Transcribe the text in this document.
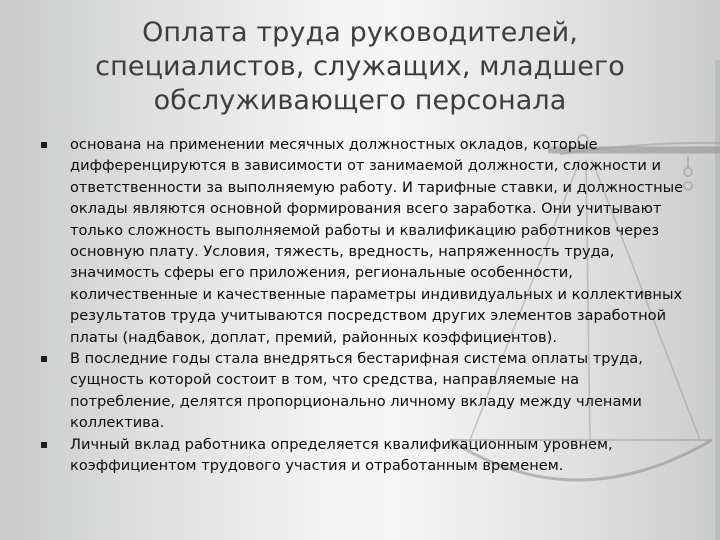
Оплата труда руководителей, специалистов, служащих, младшего обслуживающего персонала
основана на применении месячных должностных окладов, которые дифференцируются в зависимости от занимаемой должности, сложности и ответственности за выполняемую работу. И тарифные ставки, и должностные оклады являются основной формирования всего заработка. Они учитывают только сложность выполняемой работы и квалификацию работников через основную плату. Условия, тяжесть, вредность, напряженность труда, значимость сферы его приложения, региональные особенности, количественные и качественные параметры индивидуальных и коллективных результатов труда учитываются посредством других элементов заработной платы (надбавок, доплат, премий, районных коэффициентов).
В последние годы стала внедряться бестарифная система оплаты труда, сущность которой состоит в том, что средства, направляемые на потребление, делятся пропорционально личному вкладу между членами коллектива.
Личный вклад работника определяется квалификационным уровнем, коэффициентом трудового участия и отработанным временем.
